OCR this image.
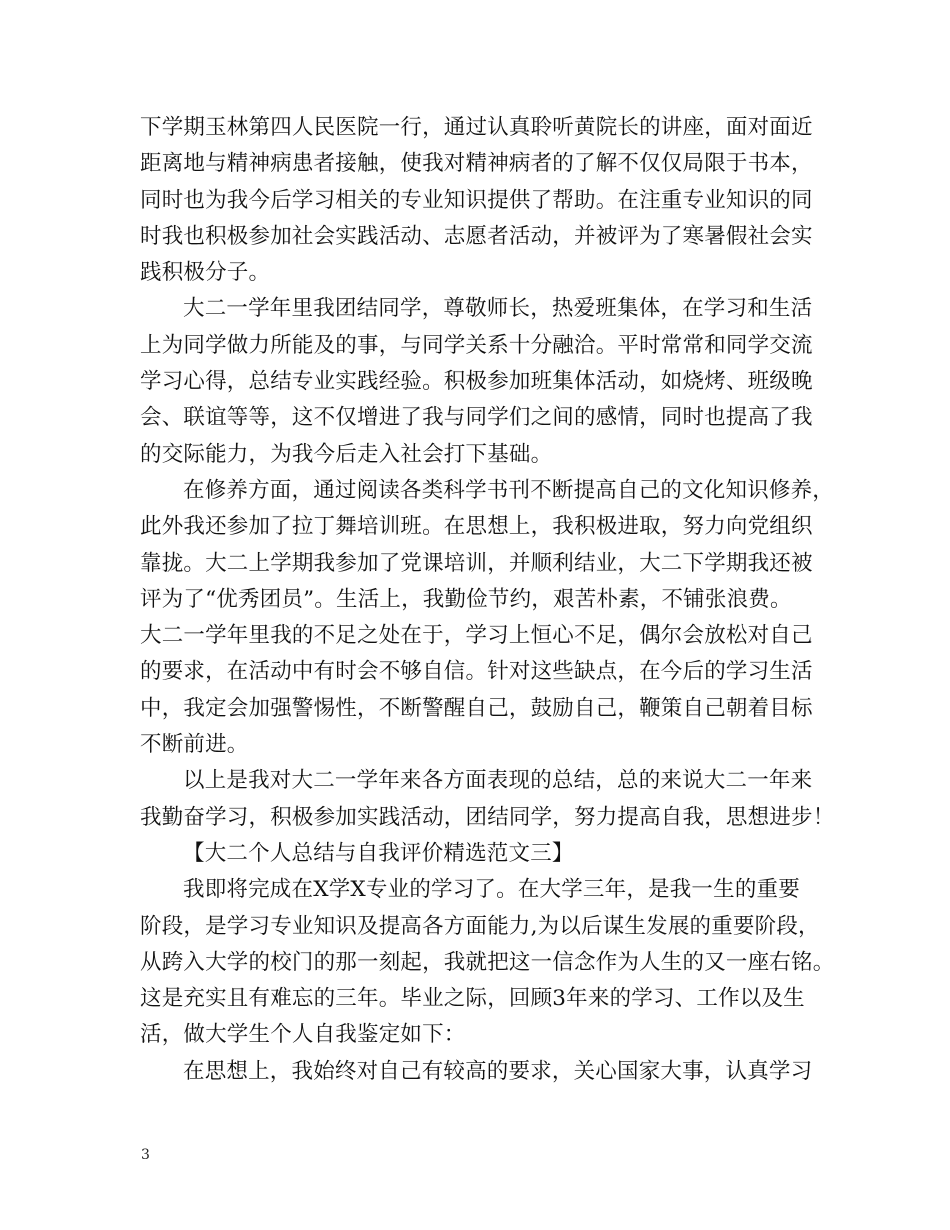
下学期玉林第四人民医院一行，通过认真聆听黄院长的讲座，面对面近
距离地与精神病患者接触，使我对精神病者的了解不仅仅局限于书本，
同时也为我今后学习相关的专业知识提供了帮助。在注重专业知识的同
时我也积极参加社会实践活动、志愿者活动，并被评为了寒暑假社会实
践积极分子。
大二一学年里我团结同学，尊敬师长，热爱班集体，在学习和生活
上为同学做力所能及的事，与同学关系十分融洽。平时常常和同学交流
学习心得，总结专业实践经验。积极参加班集体活动，如烧烤、班级晚
会、联谊等等，这不仅增进了我与同学们之间的感情，同时也提高了我
的交际能力，为我今后走入社会打下基础。
在修养方面，通过阅读各类科学书刊不断提高自己的文化知识修养，
此外我还参加了拉丁舞培训班。在思想上，我积极进取，努力向党组织
靠拢。大二上学期我参加了党课培训，并顺利结业，大二下学期我还被
评为了“优秀团员”。生活上，我勤俭节约，艰苦朴素，不铺张浪费。
大二一学年里我的不足之处在于，学习上恒心不足，偶尔会放松对自己
的要求，在活动中有时会不够自信。针对这些缺点，在今后的学习生活
中，我定会加强警惕性，不断警醒自己，鼓励自己，鞭策自己朝着目标
不断前进。
以上是我对大二一学年来各方面表现的总结，总的来说大二一年来
我勤奋学习，积极参加实践活动，团结同学，努力提高自我，思想进步！
【大二个人总结与自我评价精选范文三】
我即将完成在X学X专业的学习了。在大学三年，是我一生的重要
阶段，是学习专业知识及提高各方面能力,为以后谋生发展的重要阶段，
从跨入大学的校门的那一刻起，我就把这一信念作为人生的又一座右铭。
这是充实且有难忘的三年。毕业之际，回顾3年来的学习、工作以及生
活，做大学生个人自我鉴定如下：
在思想上，我始终对自己有较高的要求，关心国家大事，认真学习
3
